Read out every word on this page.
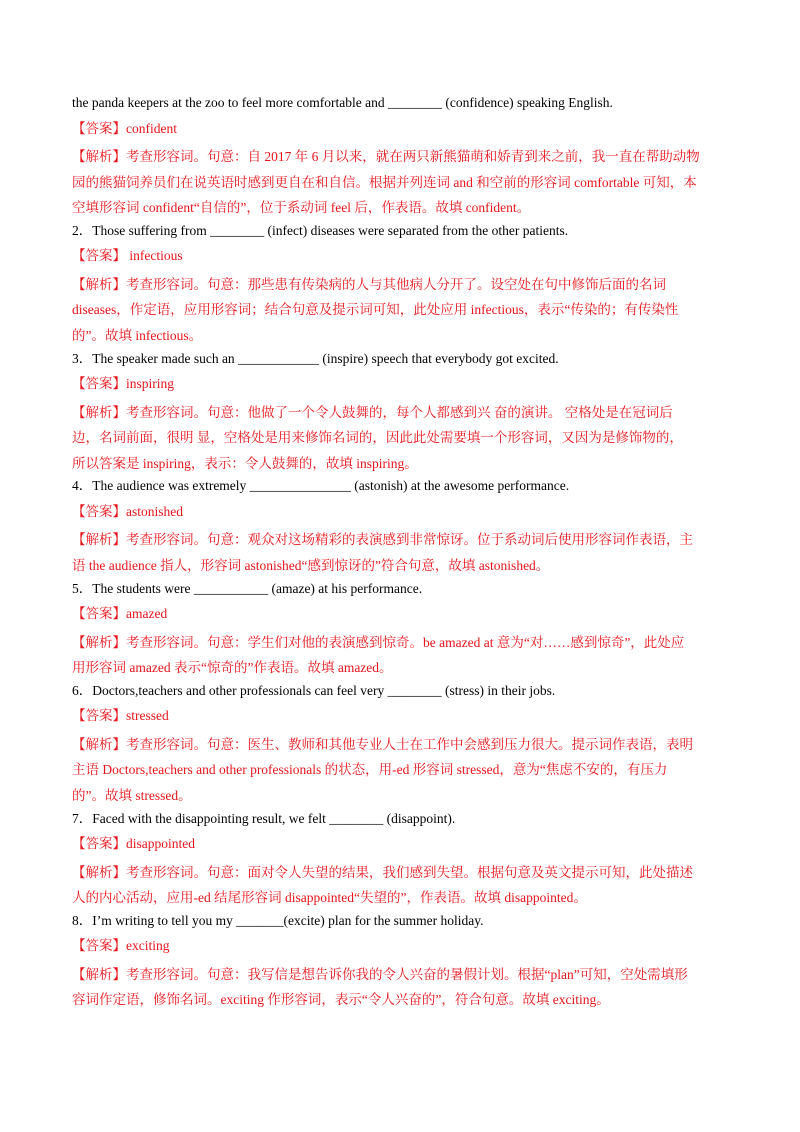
the panda keepers at the zoo to feel more comfortable and ________ (confidence) speaking English.
【答案】confident
【解析】考查形容词。句意：自 2017 年 6 月以来，就在两只新熊猫萌和娇青到来之前，我一直在帮助动物
园的熊猫饲养员们在说英语时感到更自在和自信。根据并列连词 and 和空前的形容词 comfortable 可知，本
空填形容词 confident“自信的”，位于系动词 feel 后，作表语。故填 confident。
2．Those suffering from ________ (infect) diseases were separated from the other patients.
【答案】 infectious
【解析】考查形容词。句意：那些患有传染病的人与其他病人分开了。设空处在句中修饰后面的名词
diseases，作定语，应用形容词；结合句意及提示词可知，此处应用 infectious，表示“传染的；有传染性
的”。故填 infectious。
3．The speaker made such an ____________ (inspire) speech that everybody got excited.
【答案】inspiring
【解析】考查形容词。句意：他做了一个令人鼓舞的，每个人都感到兴 奋的演讲。 空格处是在冠词后
边，名词前面，很明 显，空格处是用来修饰名词的，因此此处需要填一个形容词，又因为是修饰物的，
所以答案是 inspiring，表示：令人鼓舞的，故填 inspiring。
4．The audience was extremely _______________ (astonish) at the awesome performance.
【答案】astonished
【解析】考查形容词。句意：观众对这场精彩的表演感到非常惊讶。位于系动词后使用形容词作表语，主
语 the audience 指人，形容词 astonished“感到惊讶的”符合句意，故填 astonished。
5．The students were ___________ (amaze) at his performance.
【答案】amazed
【解析】考查形容词。句意：学生们对他的表演感到惊奇。be amazed at 意为“对……感到惊奇”，此处应
用形容词 amazed 表示“惊奇的”作表语。故填 amazed。
6．Doctors,teachers and other professionals can feel very ________ (stress) in their jobs.
【答案】stressed
【解析】考查形容词。句意：医生、教师和其他专业人士在工作中会感到压力很大。提示词作表语，表明
主语 Doctors,teachers and other professionals 的状态，用-ed 形容词 stressed，意为“焦虑不安的，有压力
的”。故填 stressed。
7．Faced with the disappointing result, we felt ________ (disappoint).
【答案】disappointed
【解析】考查形容词。句意：面对令人失望的结果，我们感到失望。根据句意及英文提示可知，此处描述
人的内心活动，应用-ed 结尾形容词 disappointed“失望的”，作表语。故填 disappointed。
8．I’m writing to tell you my _______(excite) plan for the summer holiday.
【答案】exciting
【解析】考查形容词。句意：我写信是想告诉你我的令人兴奋的暑假计划。根据“plan”可知，空处需填形
容词作定语，修饰名词。exciting 作形容词，表示“令人兴奋的”，符合句意。故填 exciting。
